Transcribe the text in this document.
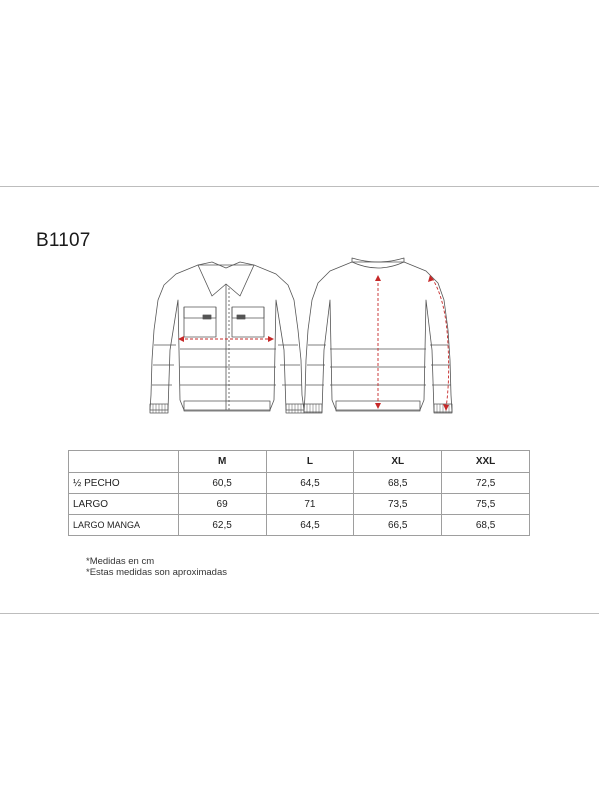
B1107
	M	L	XL	XXL
½ PECHO	60,5	64,5	68,5	72,5
LARGO	69	71	73,5	75,5
LARGO MANGA	62,5	64,5	66,5	68,5
*Medidas en cm
*Estas medidas son aproximadas
